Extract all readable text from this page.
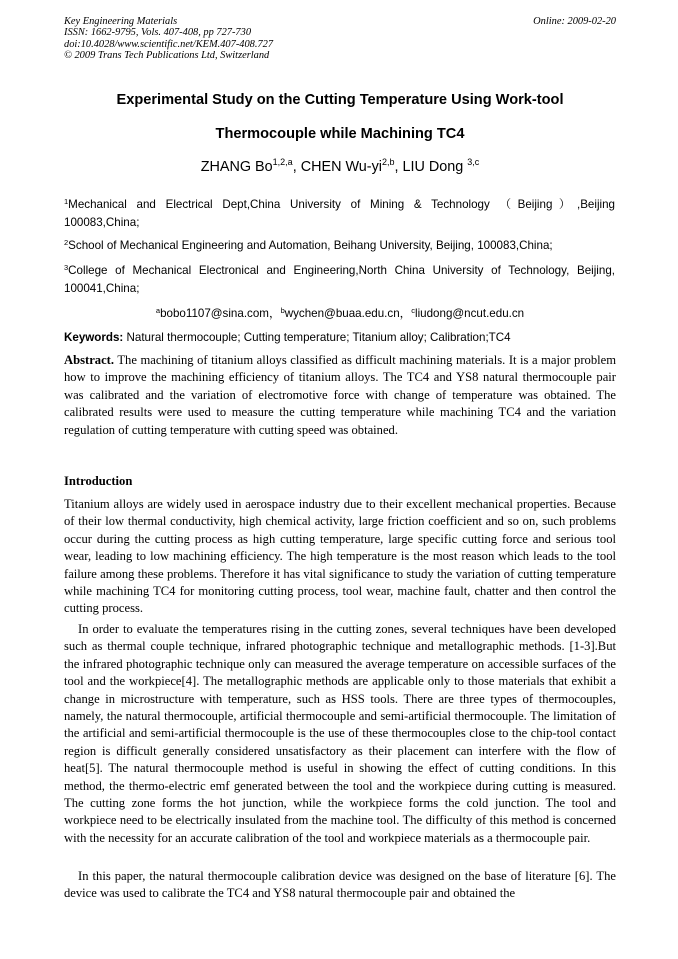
Key Engineering Materials
ISSN: 1662-9795, Vols. 407-408, pp 727-730
doi:10.4028/www.scientific.net/KEM.407-408.727
© 2009 Trans Tech Publications Ltd, Switzerland
Online: 2009-02-20
Experimental Study on the Cutting Temperature Using Work-tool
Thermocouple while Machining TC4
ZHANG Bo$^{1,2,a}$, CHEN Wu-yi$^{2,b}$, LIU Dong $^{3,c}$
$^1$Mechanical and Electrical Dept,China University of Mining & Technology （Beijing）,Beijing 100083,China;
$^2$School of Mechanical Engineering and Automation, Beihang University, Beijing, 100083,China;
$^3$College of Mechanical Electronical and Engineering,North China University of Technology, Beijing, 100041,China;
$^a$bobo1107@sina.com，$^b$wychen@buaa.edu.cn，$^c$liudong@ncut.edu.cn
Keywords: Natural thermocouple; Cutting temperature; Titanium alloy; Calibration;TC4
Abstract. The machining of titanium alloys classified as difficult machining materials. It is a major problem how to improve the machining efficiency of titanium alloys. The TC4 and YS8 natural thermocouple pair was calibrated and the variation of electromotive force with change of temperature was obtained. The calibrated results were used to measure the cutting temperature while machining TC4 and the variation regulation of cutting temperature with cutting speed was obtained.
Introduction
Titanium alloys are widely used in aerospace industry due to their excellent mechanical properties. Because of their low thermal conductivity, high chemical activity, large friction coefficient and so on, such problems occur during the cutting process as high cutting temperature, large specific cutting force and serious tool wear, leading to low machining efficiency. The high temperature is the most reason which leads to the tool failure among these problems. Therefore it has vital significance to study the variation of cutting temperature while machining TC4 for monitoring cutting process, tool wear, machine fault, chatter and then control the cutting process.
In order to evaluate the temperatures rising in the cutting zones, several techniques have been developed such as thermal couple technique, infrared photographic technique and metallographic methods. [1-3].But the infrared photographic technique only can measured the average temperature on accessible surfaces of the tool and the workpiece[4]. The metallographic methods are applicable only to those materials that exhibit a change in microstructure with temperature, such as HSS tools. There are three types of thermocouples, namely, the natural thermocouple, artificial thermocouple and semi-artificial thermocouple. The limitation of the artificial and semi-artificial thermocouple is the use of these thermocouples close to the chip-tool contact region is difficult generally considered unsatisfactory as their placement can interfere with the flow of heat[5]. The natural thermocouple method is useful in showing the effect of cutting conditions. In this method, the thermo-electric emf generated between the tool and the workpiece during cutting is measured. The cutting zone forms the hot junction, while the workpiece forms the cold junction. The tool and workpiece need to be electrically insulated from the machine tool. The difficulty of this method is concerned with the necessity for an accurate calibration of the tool and workpiece materials as a thermocouple pair.
In this paper, the natural thermocouple calibration device was designed on the base of literature [6]. The device was used to calibrate the TC4 and YS8 natural thermocouple pair and obtained the
